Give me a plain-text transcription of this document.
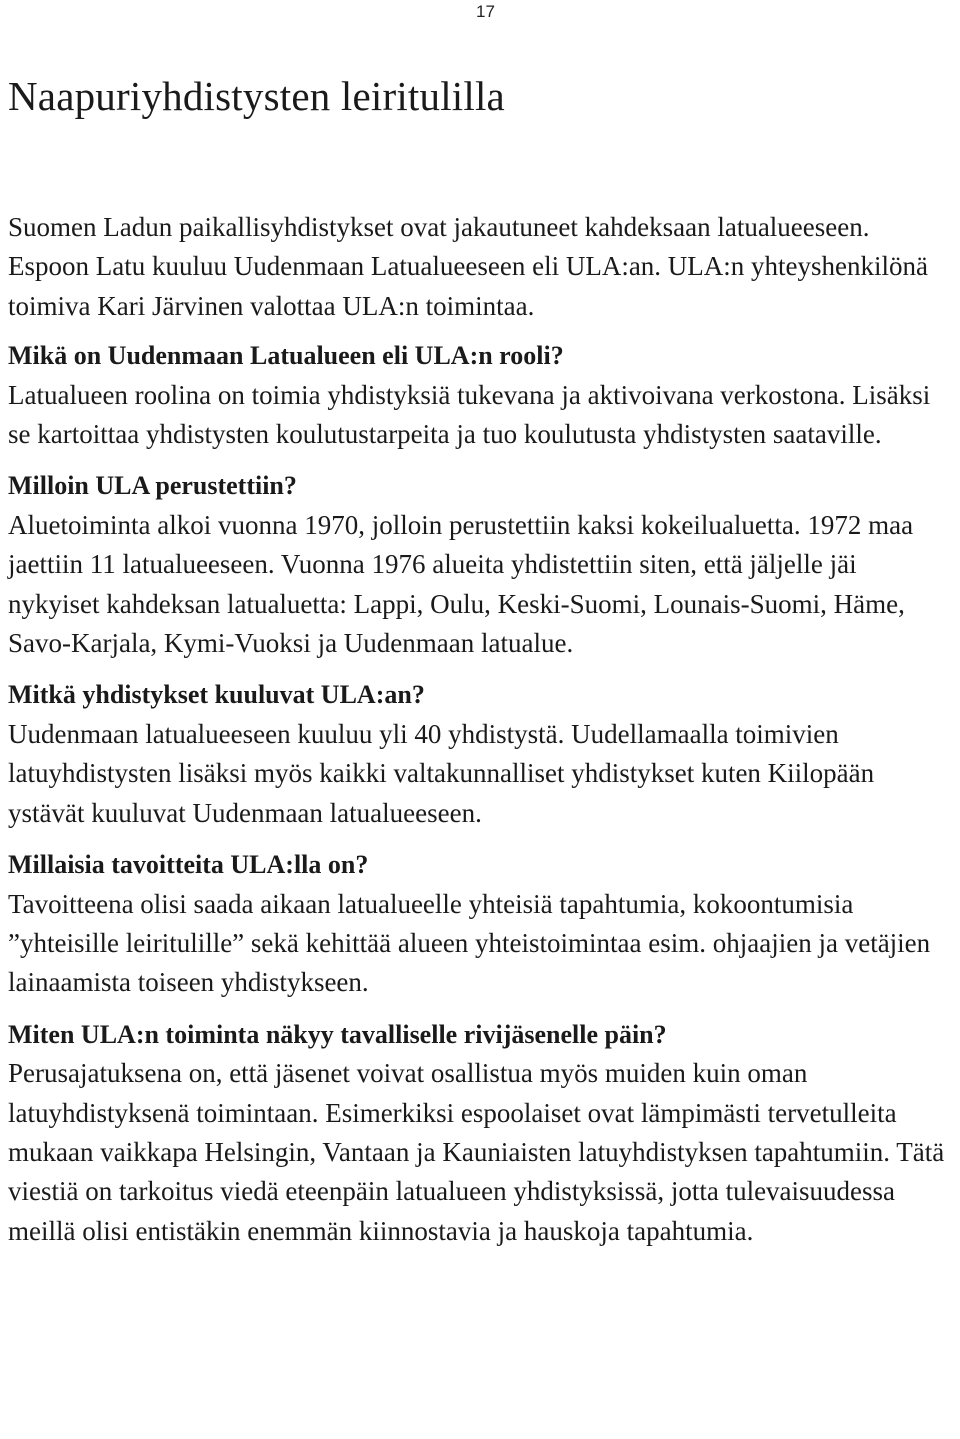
17
Naapuriyhdistysten leiritulilla

Suomen Ladun paikallisyhdistykset ovat jakautuneet kahdeksaan latualueeseen. Espoon Latu kuuluu Uudenmaan Latualueeseen eli ULA:an. ULA:n yhteyshenkilönä toimiva Kari Järvinen valottaa ULA:n toimintaa.

Mikä on Uudenmaan Latualueen eli ULA:n rooli?

Latualueen roolina on toimia yhdistyksiä tukevana ja aktivoivana verkostona. Lisäksi se kartoittaa yhdistysten koulutustarpeita ja tuo koulutusta yhdistysten saataville.

Milloin ULA perustettiin?

Aluetoiminta alkoi vuonna 1970, jolloin perustettiin kaksi kokeilualuetta. 1972 maa jaettiin 11 latualueeseen. Vuonna 1976 alueita yhdistettiin siten, että jäljelle jäi nykyiset kahdeksan latualuetta: Lappi, Oulu, Keski-Suomi, Lounais-Suomi, Häme, Savo-Karjala, Kymi-Vuoksi ja Uudenmaan latualue.

Mitkä yhdistykset kuuluvat ULA:an?

Uudenmaan latualueeseen kuuluu yli 40 yhdistystä. Uudellamaalla toimivien latuyhdistysten lisäksi myös kaikki valtakunnalliset yhdistykset kuten Kiilopään ystävät kuuluvat Uudenmaan latualueeseen.

Millaisia tavoitteita ULA:lla on?

Tavoitteena olisi saada aikaan latualueelle yhteisiä tapahtumia, kokoontumisia ”yhteisille leiritulille” sekä kehittää alueen yhteistoimintaa esim. ohjaajien ja vetäjien lainaamista toiseen yhdistykseen.

Miten ULA:n toiminta näkyy tavalliselle rivijäsenelle päin?

Perusajatuksena on, että jäsenet voivat osallistua myös muiden kuin oman latuyhdistyksenä toimintaan. Esimerkiksi espoolaiset ovat lämpimästi tervetulleita mukaan vaikkapa Helsingin, Vantaan ja Kauniaisten latuyhdistyksen tapahtumiin. Tätä viestiä on tarkoitus viedä eteenpäin latualueen yhdistyksissä, jotta tulevaisuudessa meillä olisi entistäkin enemmän kiinnostavia ja hauskoja tapahtumia.
